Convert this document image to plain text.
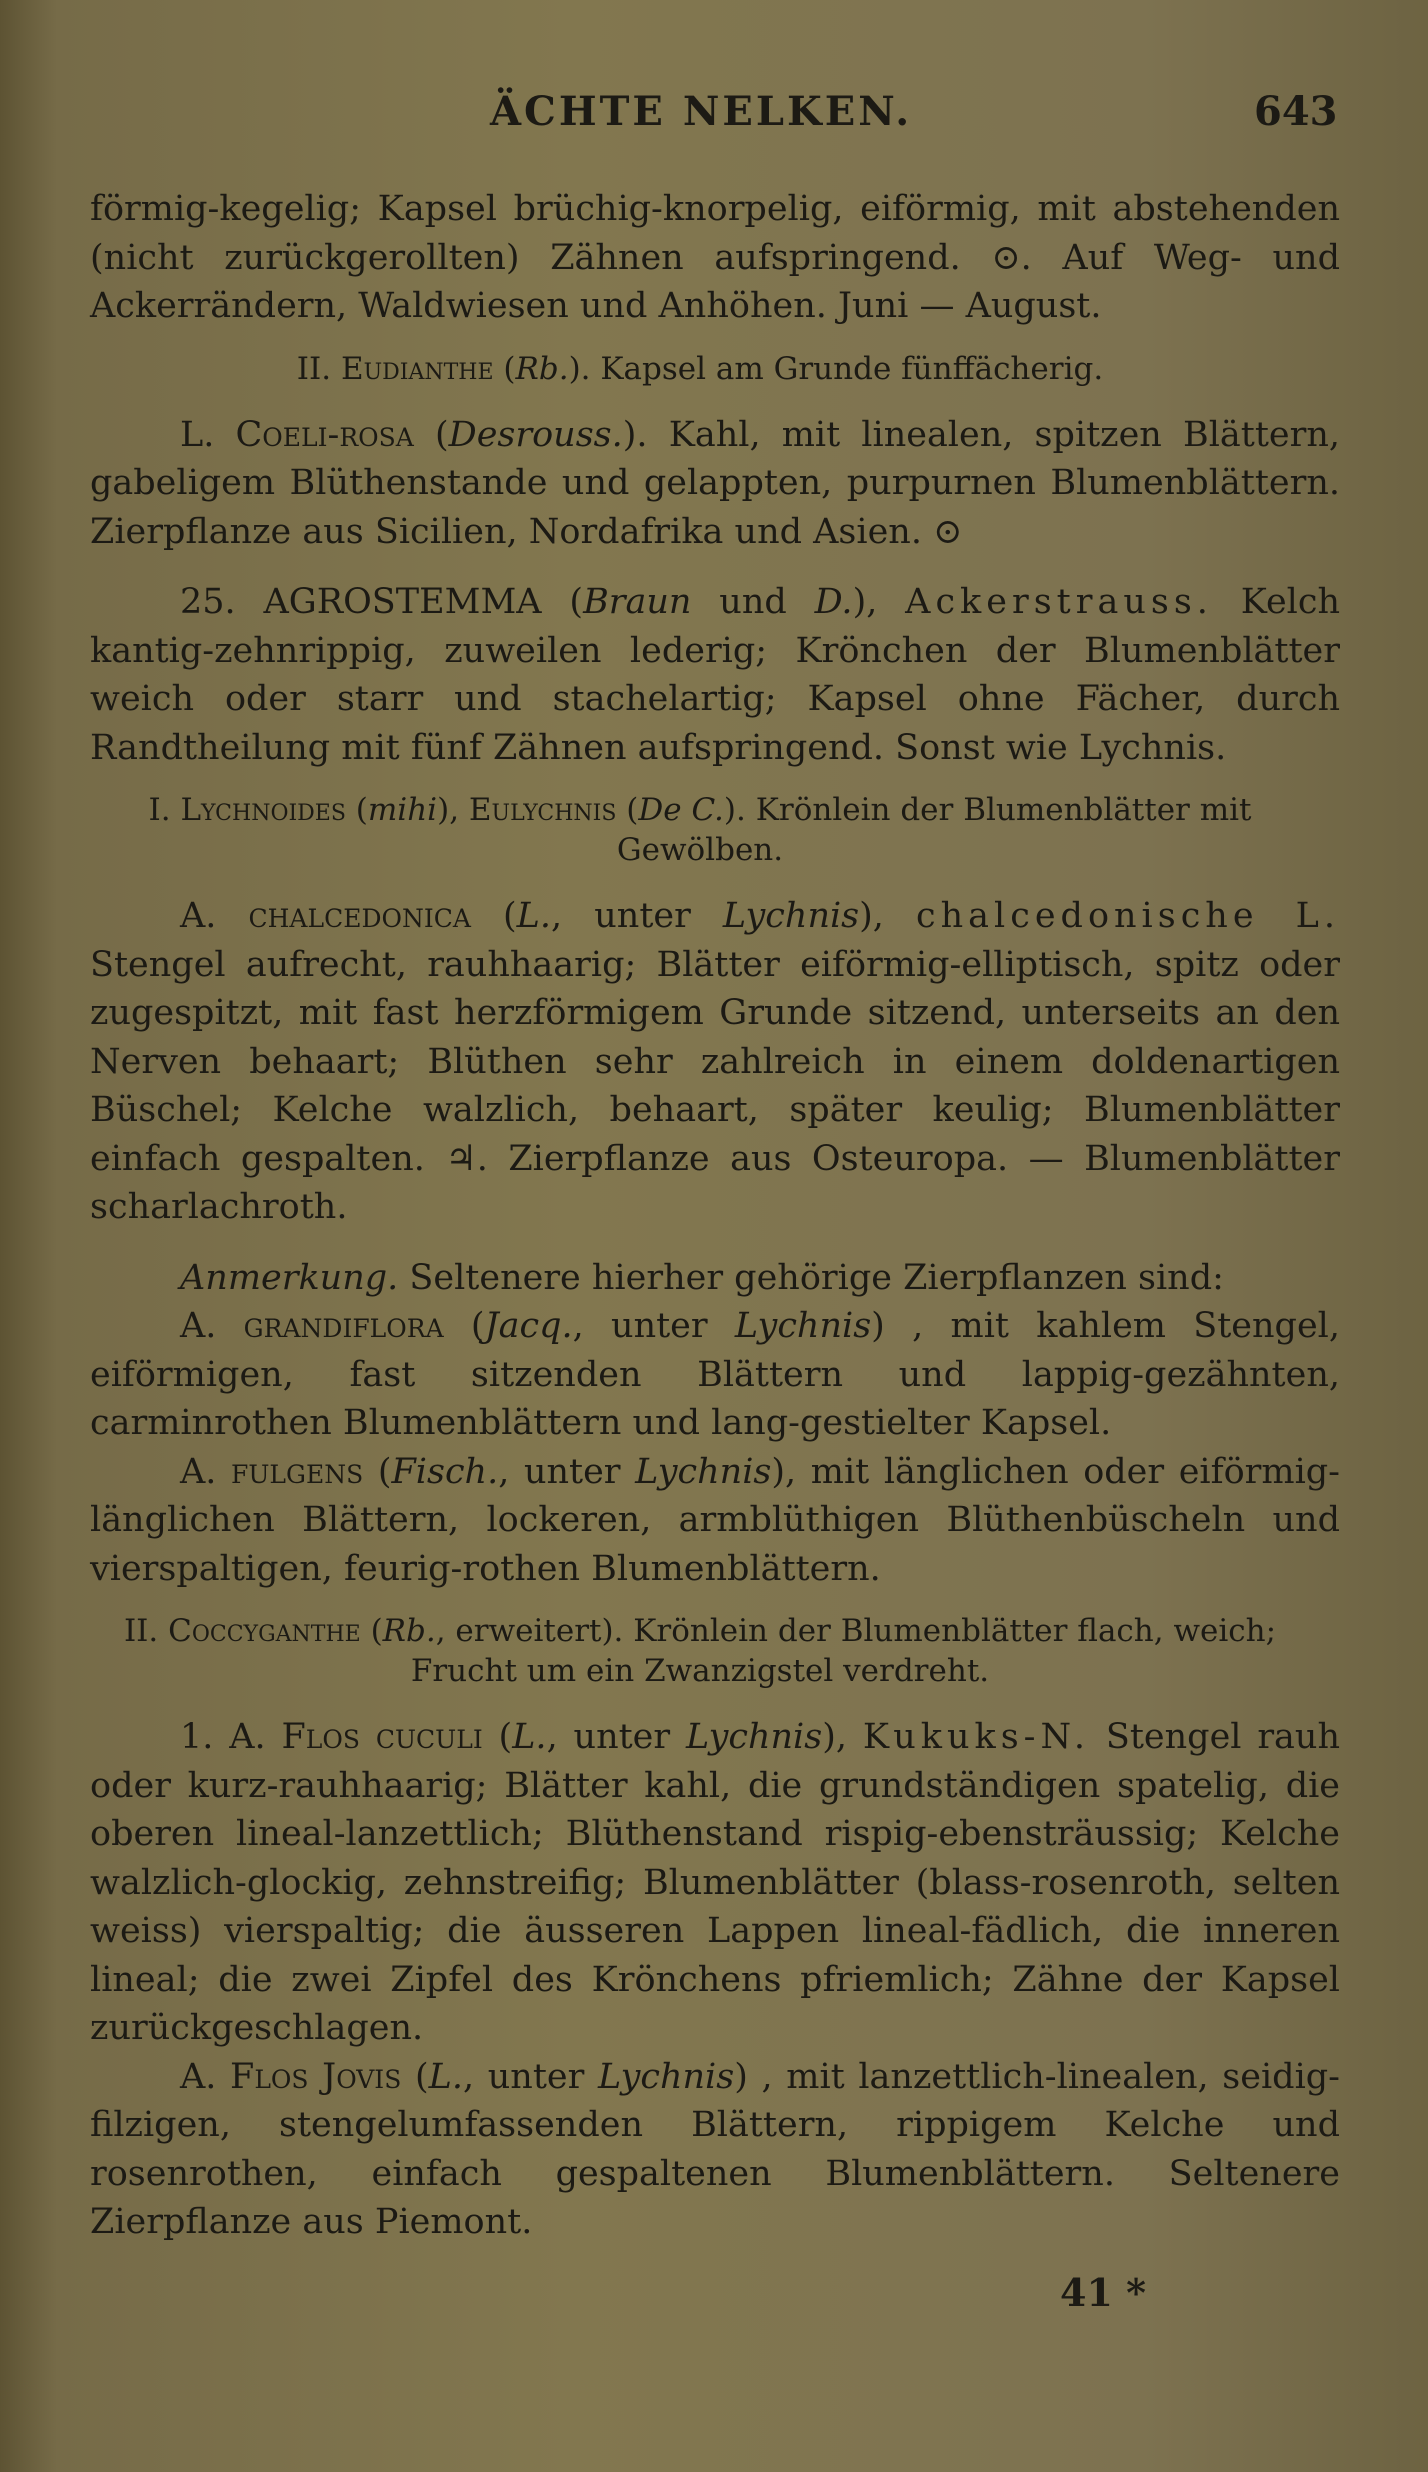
ÄCHTE NELKEN.	643

förmig-kegelig; Kapsel brüchig-knorpelig, eiförmig, mit abstehenden (nicht zurückgerollten) Zähnen aufspringend. ⊙. Auf Weg- und Ackerrändern, Waldwiesen und Anhöhen. Juni — August.

II. Eudianthe (Rb.). Kapsel am Grunde fünffächerig.

L. Coeli-rosa (Desrouss.). Kahl, mit linealen, spitzen Blättern, gabeligem Blüthenstande und gelappten, purpurnen Blumenblättern. Zierpflanze aus Sicilien, Nordafrika und Asien. ⊙

25. AGROSTEMMA (Braun und D.), Ackerstrauss. Kelch kantig-zehnrippig, zuweilen lederig; Krönchen der Blumenblätter weich oder starr und stachelartig; Kapsel ohne Fächer, durch Randtheilung mit fünf Zähnen aufspringend. Sonst wie Lychnis.

I. Lychnoides (mihi), Eulychnis (De C.). Krönlein der Blumenblätter mit Gewölben.

A. chalcedonica (L., unter Lychnis), chalcedonische L. Stengel aufrecht, rauhhaarig; Blätter eiförmig-elliptisch, spitz oder zugespitzt, mit fast herzförmigem Grunde sitzend, unterseits an den Nerven behaart; Blüthen sehr zahlreich in einem doldenartigen Büschel; Kelche walzlich, behaart, später keulig; Blumenblätter einfach gespalten. ♃. Zierpflanze aus Osteuropa. — Blumenblätter scharlachroth.

Anmerkung. Seltenere hierher gehörige Zierpflanzen sind:

A. grandiflora (Jacq., unter Lychnis) , mit kahlem Stengel, eiförmigen, fast sitzenden Blättern und lappig-gezähnten, carminrothen Blumenblättern und lang-gestielter Kapsel.

A. fulgens (Fisch., unter Lychnis), mit länglichen oder eiförmig-länglichen Blättern, lockeren, armblüthigen Blüthenbüscheln und vierspaltigen, feurig-rothen Blumenblättern.

II. Coccyganthe (Rb., erweitert). Krönlein der Blumenblätter flach, weich; Frucht um ein Zwanzigstel verdreht.

1. A. Flos cuculi (L., unter Lychnis), Kukuks-N. Stengel rauh oder kurz-rauhhaarig; Blätter kahl, die grundständigen spatelig, die oberen lineal-lanzettlich; Blüthenstand rispig-ebensträussig; Kelche walzlich-glockig, zehnstreifig; Blumenblätter (blass-rosenroth, selten weiss) vierspaltig; die äusseren Lappen lineal-fädlich, die inneren lineal; die zwei Zipfel des Krönchens pfriemlich; Zähne der Kapsel zurückgeschlagen.

A. Flos Jovis (L., unter Lychnis) , mit lanzettlich-linealen, seidig-filzigen, stengelumfassenden Blättern, rippigem Kelche und rosenrothen, einfach gespaltenen Blumenblättern. Seltenere Zierpflanze aus Piemont.

41 *
